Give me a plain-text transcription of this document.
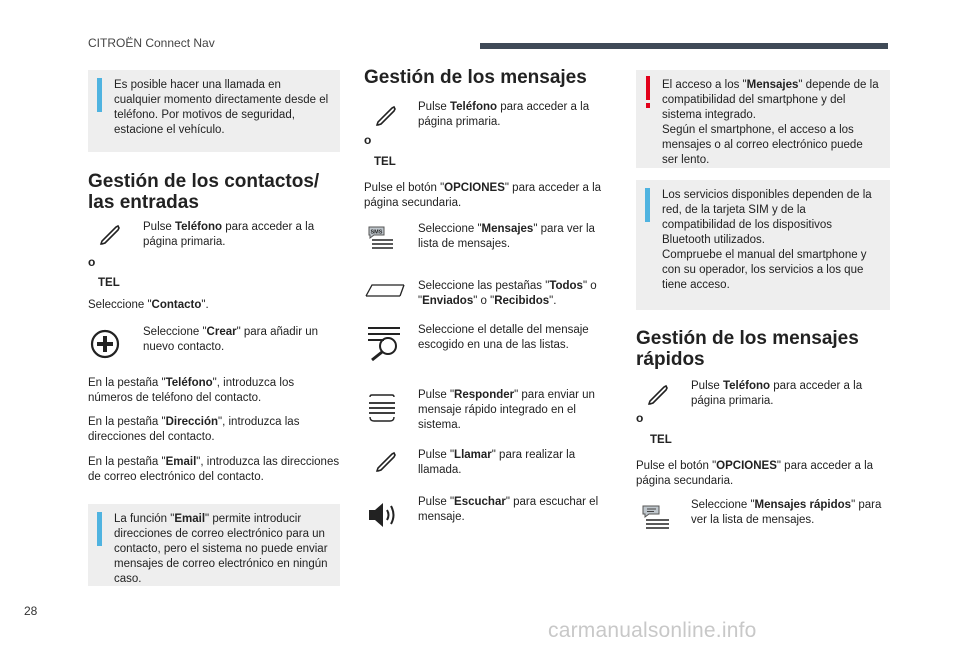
CITROËN Connect Nav

Es posible hacer una llamada en cualquier momento directamente desde el teléfono. Por motivos de seguridad, estacione el vehículo.

Gestión de los contactos/ las entradas
Pulse Teléfono para acceder a la página primaria.
o
TEL
Seleccione "Contacto".
Seleccione "Crear" para añadir un nuevo contacto.
En la pestaña "Teléfono", introduzca los números de teléfono del contacto.
En la pestaña "Dirección", introduzca las direcciones del contacto.
En la pestaña "Email", introduzca las direcciones de correo electrónico del contacto.

La función "Email" permite introducir direcciones de correo electrónico para un contacto, pero el sistema no puede enviar mensajes de correo electrónico en ningún caso.

Gestión de los mensajes
Pulse Teléfono para acceder a la página primaria.
o
TEL
Pulse el botón "OPCIONES" para acceder a la página secundaria.
SMS	Seleccione "Mensajes" para ver la lista de mensajes.
Seleccione las pestañas "Todos" o "Enviados" o "Recibidos".
Seleccione el detalle del mensaje escogido en una de las listas.
Pulse "Responder" para enviar un mensaje rápido integrado en el sistema.
Pulse "Llamar" para realizar la llamada.
Pulse "Escuchar" para escuchar el mensaje.

El acceso a los "Mensajes" depende de la compatibilidad del smartphone y del sistema integrado.

Según el smartphone, el acceso a los mensajes o al correo electrónico puede ser lento.

Los servicios disponibles dependen de la red, de la tarjeta SIM y de la compatibilidad de los dispositivos Bluetooth utilizados.

Compruebe el manual del smartphone y con su operador, los servicios a los que tiene acceso.

Gestión de los mensajes rápidos
Pulse Teléfono para acceder a la página primaria.
o
TEL
Pulse el botón "OPCIONES" para acceder a la página secundaria.
Seleccione "Mensajes rápidos" para ver la lista de mensajes.
28
carmanualsonline.info
